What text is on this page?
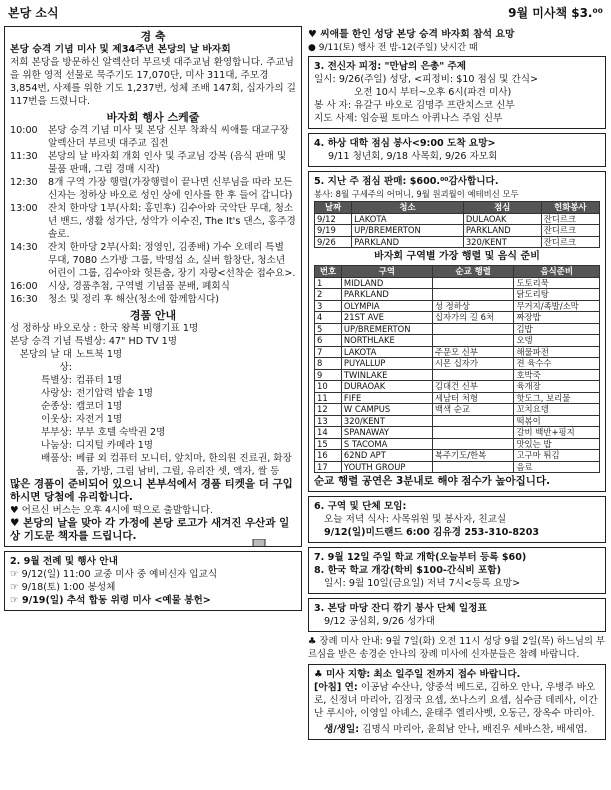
본당 소식	9월 미사책 $3.⁰⁰
경 축
본당 승격 기념 미사 및 제34주년 본당의 날 바자회
저희 본당을 방문하신 알렉산더 부르넷 대주교님 환영합니다. 주교님을 위한 영적 선물로 묵주기도 17,070단, 미사 311대, 주모경 3,854번, 사제를 위한 기도 1,237번, 성체 조배 147회, 십자가의 길 117번을 드렸니다.
바자회 행사 스케줄
10:00	본당 승격 기념 미사 및 본당 신부 착좌식 씨애틀 대교구장 알렉산더 부르넷 대주교 집전
11:30	본당의 날 바자회 개회 인사 및 주교님 강복 (음식 판매 및 물품 판매, 그림 경매 시작)
12:30	8개 구역 가장 행렬(가장행렬이 끝나면 신부님을 따라 모든 신자는 정하상 바오로 성인 상에 인사를 한 후 들어 갑니다)
13:00	잔치 한마당 1부(사회: 홍민후) 김수아와 국악단 무대, 청소년 밴드, 생활 성가단, 성악가 이수진, The It's 댄스, 홍주경 솔로.
14:30	잔치 한마당 2부(사회: 정영인, 김종배) 가수 오데리 특별 무대, 7080 스가방 그룹, 박명섭 쇼, 실버 합창단, 청소년 어린이 그룹, 김수아와 헛튼춤, 장기 자랑<선착순 접수요>.
16:00	시상, 경품추첨, 구역별 기념품 분배, 폐회식
16:30	청소 및 정리 후 해산(청소에 함께합시다)
경품 안내
성 정하상 바오로상 : 한국 왕복 비행기표 1명
본당 승격 기념 특별상: 47" HD TV 1명
본당의 날 대 상:
노트북 1명
특별상: 컴퓨터 1명
사랑상: 전기압력 밥솥 1명
순종상: 캠코더 1명
이웃상: 자전거 1명
부부상: 부부 호텔 숙박권 2명
나눔상: 디지털 카메라 1명
배품상: 베큠 외 컴퓨터 모니터, 앞치마, 한의원 진료권, 화장품, 가방, 그림 남비, 그릴, 유리잔 셋, 액자, 쌀 등
많은 경품이 준비되어 있으니 본부석에서 경품 티켓을 더 구입하시면 당첨에 유리합니다.
♥ 어르신 버스는 오후 4시에 떡으로 출발합니다.
♥ 본당의 날을 맞아 각 가정에 본당 로고가 새겨진 우산과 일상 기도문 책자를 드립니다.
2. 9월 전례 및 행사 안내
☞ 9/12(일) 11:00 교중 미사 중 예비신자 입교식
☞ 9/18(토) 1:00 봉성체
☞ 9/19(일) 추석 합동 위령 미사 <예물 봉헌>
♥ 씨애틀 한인 성당 본당 승격 바자회 참석 요망
● 9/11(토) 행사 전 밤-12(주일) 낮시간 때
3. 전신자 피정: "만남의 은총" 주제
일시: 9/26(주일) 성당, <피정비: $10 점심 및 간식>
오전 10시 부터~오후 6시(파견 미사)
봉 사 자: 유갈구 바오로 김명주 프란치스코 신부
지도 사제: 임승필 토마스 아퀴나스 주임 신부
4. 하상 대학 점심 봉사<9:00 도착 요망>
9/11 청년회, 9/18 사목회, 9/26 자모회
5. 지난 주 점심 판매: $600.⁰⁰감사합니다.
봉사: 8월 구세주의 어머니, 9월 원괴월이 예테비신 모두
날짜	청소	점심	헌화봉사
9/12	LAKOTA	DULAOAK	잔디르크
9/19	UP/BREMERTON	PARKLAND	잔디르크
9/26	PARKLAND	320/KENT	잔디르크
바자회 구역별 가장 행렬 및 음식 준비
번호	구역	순교 행렬	음식준비
1	MIDLAND		도토리묵
2	PARKLAND		닭도리탕
3	OLYMPIA	성 정하상	무거지/족발/소막
4	21ST AVE	십자가의 길 6처	짜장밥
5	UP/BREMERTON		김밥
6	NORTHLAKE		오뎅
7	LAKOTA	주문모 신부	해물파전
8	PUYALLUP	시몬 십자가	젼 육수수
9	TWINLAKE		호박죽
10	DURAOAK	김대건 신부	육개장
11	FIFE	세남터 처형	핫도그, 보리물
12	W CAMPUS	백색 순교	꼬치요뎅
13	320/KENT		떡볶이
14	SPANAWAY		갈비 백반+핑지
15	S TACOMA		맛있는 밥
16	62ND APT	복주기도/한복	고구마 튀김
17	YOUTH GROUP		음료
순교 행렬 공연은 3분내로 해야 점수가 높아집니다.
6. 구역 및 단체 모임:
오늘 저녁 식사: 사목위원 및 봉사자, 친교실
9/12(일)미드랜드 6:00 김유경 253-310-8203
7. 9월 12일 주일 학교 개학(오늘부터 등록 $60)
8. 한국 학교 개강(학비 $100-간식비 포함)
일시: 9월 10일(금요일) 저녁 7시<등록 요망>
3. 본당 마당 잔디 깎기 봉사 단체 일정표
9/12 공심회, 9/26 성가대
♣ 장례 미사 안내: 9월 7일(화) 오전 11시 성당 9월 2일(목) 하느님의 부르심을 받은 송경순 안나의 장례 미사에 신자분들은 참례 바랍니다.
♣ 미사 지향: 최소 일주일 전까지 접수 바랍니다.
[아침] 연: 이공남 수산나, 양중석 베드로, 김하오 안나, 우병주 바오로, 신정녀 마리아, 김정국 요셉, 쏘나스키 요셉, 심수금 데레사, 이간난 루시아, 이영일 아녜스, 윤태주 엘리사벳, 오동근, 장옥수 마리아.
생/생일: 김명식 마리아, 윤희남 안나, 배진우 세바스찬, 배세엽.
